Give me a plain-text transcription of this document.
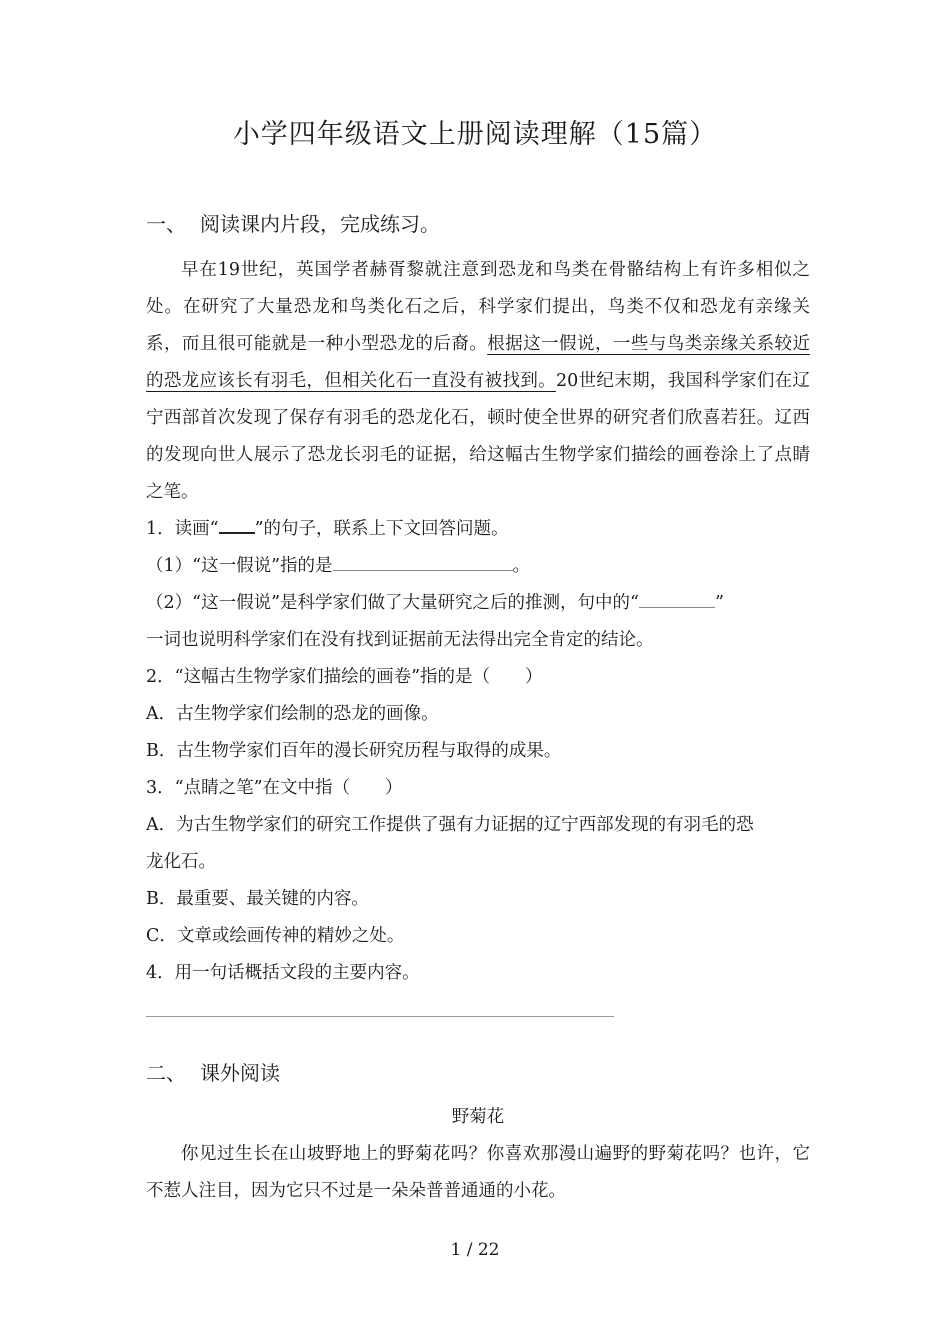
小学四年级语文上册阅读理解（15篇）
一、 阅读课内片段，完成练习。

早在19世纪，英国学者赫胥黎就注意到恐龙和鸟类在骨骼结构上有许多相似之处。在研究了大量恐龙和鸟类化石之后，科学家们提出，鸟类不仅和恐龙有亲缘关系，而且很可能就是一种小型恐龙的后裔。根据这一假说，一些与鸟类亲缘关系较近的恐龙应该长有羽毛，但相关化石一直没有被找到。20世纪末期，我国科学家们在辽宁西部首次发现了保存有羽毛的恐龙化石，顿时使全世界的研究者们欣喜若狂。辽西的发现向世人展示了恐龙长羽毛的证据，给这幅古生物学家们描绘的画卷涂上了点睛之笔。

1．读画“ ”的句子，联系上下文回答问题。

（1）“这一假说”指的是	。

（2）“这一假说”是科学家们做了大量研究之后的推测，句中的“	”

一词也说明科学家们在没有找到证据前无法得出完全肯定的结论。

2．“这幅古生物学家们描绘的画卷”指的是（　　）

A．古生物学家们绘制的恐龙的画像。

B．古生物学家们百年的漫长研究历程与取得的成果。

3．“点睛之笔”在文中指（　　）

A．为古生物学家们的研究工作提供了强有力证据的辽宁西部发现的有羽毛的恐

龙化石。

B．最重要、最关键的内容。

C．文章或绘画传神的精妙之处。

4．用一句话概括文段的主要内容。

二、 课外阅读

野菊花

你见过生长在山坡野地上的野菊花吗？你喜欢那漫山遍野的野菊花吗？也许，它不惹人注目，因为它只不过是一朵朵普普通通的小花。

1 / 22
